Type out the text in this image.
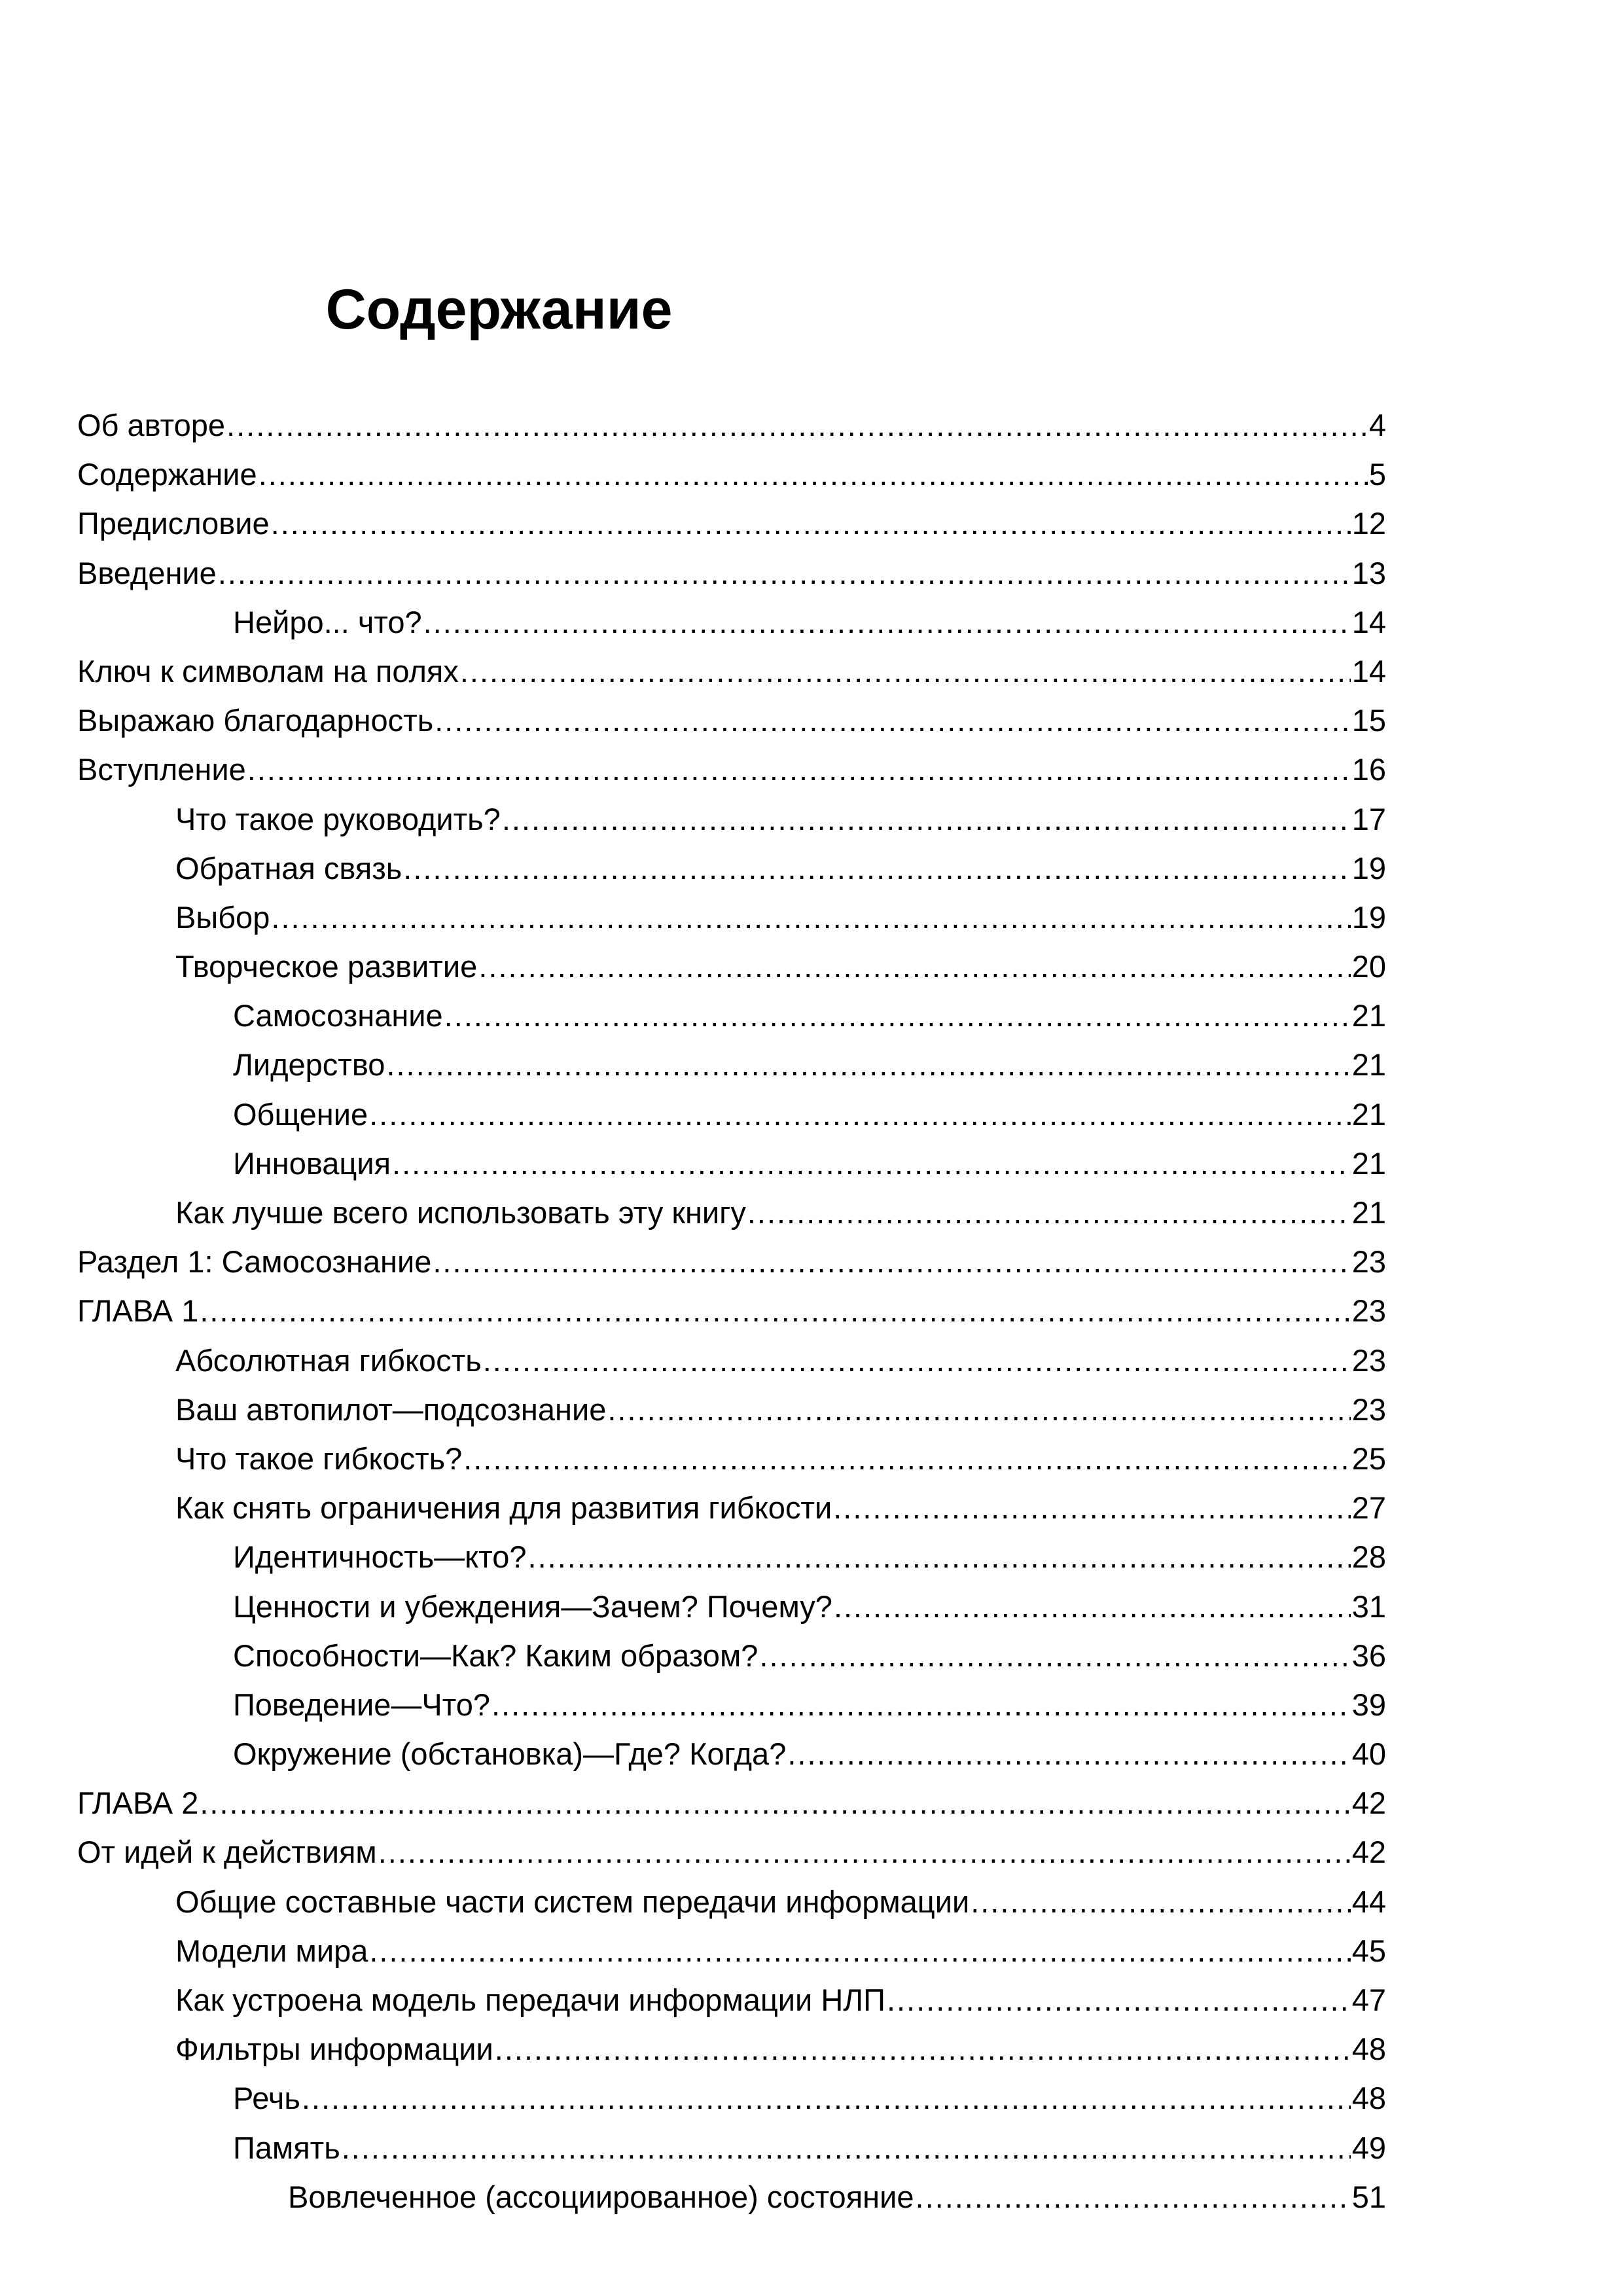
Содержание
Об авторе .....	4
Содержание .....	5
Предисловие .....	12
Введение .....	13
Нейро... что? .....	14
Ключ к символам на полях .....	14
Выражаю благодарность .....	15
Вступление .....	16
Что такое руководить? .....	17
Обратная связь .....	19
Выбор .....	19
Творческое развитие .....	20
Самосознание .....	21
Лидерство .....	21
Общение .....	21
Инновация .....	21
Как лучше всего использовать эту книгу .....	21
Раздел 1: Самосознание .....	23
ГЛАВА 1 .....	23
Абсолютная гибкость .....	23
Ваш автопилот—подсознание .....	23
Что такое гибкость? .....	25
Как снять ограничения для развития гибкости .....	27
Идентичность—кто? .....	28
Ценности и убеждения—Зачем? Почему? .....	31
Способности—Как? Каким образом? .....	36
Поведение—Что? .....	39
Окружение (обстановка)—Где? Когда? .....	40
ГЛАВА 2 .....	42
От идей к действиям .....	42
Общие составные части систем передачи информации .....	44
Модели мира .....	45
Как устроена модель передачи информации НЛП .....	47
Фильтры информации .....	48
Речь .....	48
Память .....	49
Вовлеченное (ассоциированное) состояние .....	51
